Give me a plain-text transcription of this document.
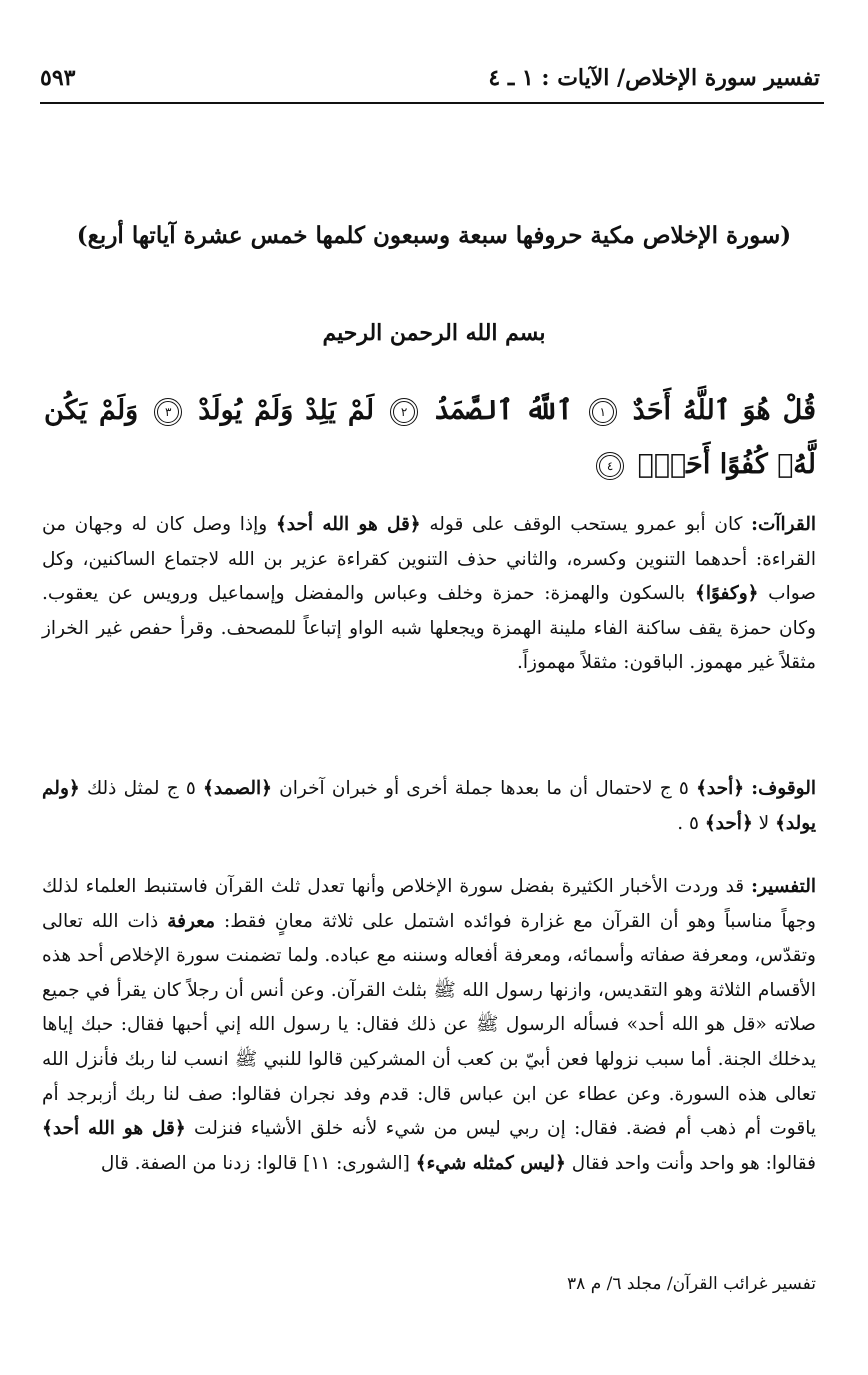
تفسير سورة الإخلاص/ الآيات : ١ ـ ٤
٥٩٣
(سورة الإخلاص مكية حروفها سبعة وسبعون كلمها خمس عشرة آياتها أربع)
بسم الله الرحمن الرحيم
قُلْ هُوَ ٱللَّهُ أَحَدٌ ١ ٱللَّهُ ٱلصَّمَدُ ٢ لَمْ يَلِدْ وَلَمْ يُولَدْ ٣ وَلَمْ يَكُن لَّهُۥ كُفُوًا أَحَدٌۢ ٤
القراآت: كان أبو عمرو يستحب الوقف على قوله ﴿قل هو الله أحد﴾ وإذا وصل كان له وجهان من القراءة: أحدهما التنوين وكسره، والثاني حذف التنوين كقراءة عزير بن الله لاجتماع الساكنين، وكل صواب ﴿وكفوًا﴾ بالسكون والهمزة: حمزة وخلف وعباس والمفضل وإسماعيل ورويس عن يعقوب. وكان حمزة يقف ساكنة الفاء ملينة الهمزة ويجعلها شبه الواو إتباعاً للمصحف. وقرأ حفص غير الخراز مثقلاً غير مهموز. الباقون: مثقلاً مهموزاً.
الوقوف: ﴿أحد﴾ ٥ ج لاحتمال أن ما بعدها جملة أخرى أو خبران آخران ﴿الصمد﴾ ٥ ج لمثل ذلك ﴿ولم يولد﴾ لا ﴿أحد﴾ ٥ .
التفسير: قد وردت الأخبار الكثيرة بفضل سورة الإخلاص وأنها تعدل ثلث القرآن فاستنبط العلماء لذلك وجهاً مناسباً وهو أن القرآن مع غزارة فوائده اشتمل على ثلاثة معانٍ فقط: معرفة ذات الله تعالى وتقدّس، ومعرفة صفاته وأسمائه، ومعرفة أفعاله وسننه مع عباده. ولما تضمنت سورة الإخلاص أحد هذه الأقسام الثلاثة وهو التقديس، وازنها رسول الله ﷺ بثلث القرآن. وعن أنس أن رجلاً كان يقرأ في جميع صلاته «قل هو الله أحد» فسأله الرسول ﷺ عن ذلك فقال: يا رسول الله إني أحبها فقال: حبك إياها يدخلك الجنة. أما سبب نزولها فعن أبيّ بن كعب أن المشركين قالوا للنبي ﷺ انسب لنا ربك فأنزل الله تعالى هذه السورة. وعن عطاء عن ابن عباس قال: قدم وفد نجران فقالوا: صف لنا ربك أزبرجد أم ياقوت أم ذهب أم فضة. فقال: إن ربي ليس من شيء لأنه خلق الأشياء فنزلت ﴿قل هو الله أحد﴾ فقالوا: هو واحد وأنت واحد فقال ﴿ليس كمثله شيء﴾ [الشورى: ١١] قالوا: زدنا من الصفة. قال
تفسير غرائب القرآن/ مجلد ٦/ م ٣٨
